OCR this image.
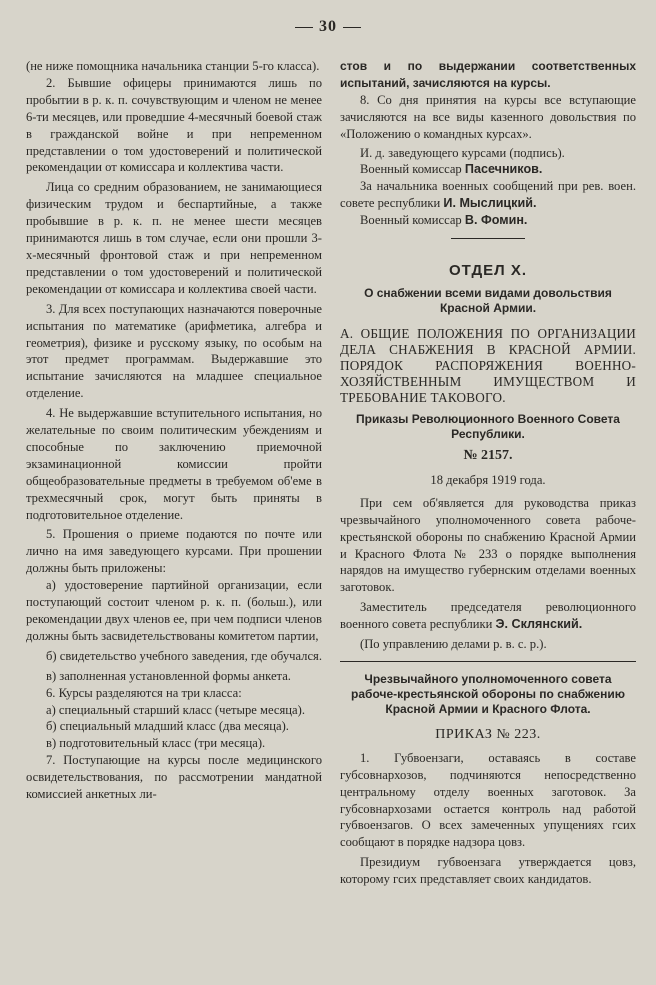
30

(не ниже помощника начальника станции 5-го класса).

2. Бывшие офицеры принимаются лишь по пробытии в р. к. п. сочувствующим и членом не менее 6-ти месяцев, или проведшие 4-месячный боевой стаж в гражданской войне и при непременном представлении о том удостоверений и политической рекомендации от комиссара и коллектива части.

Лица со средним образованием, не занимающиеся физическим трудом и беспартийные, а также пробывшие в р. к. п. не менее шести месяцев принимаются лишь в том случае, если они прошли 3-х-месячный фронтовой стаж и при непременном представлении о том удостоверений и политической рекомендации от комиссара и коллектива своей части.

3. Для всех поступающих назначаются поверочные испытания по математике (арифметика, алгебра и геометрия), физике и русскому языку, по особым на этот предмет программам. Выдержавшие это испытание зачисляются на младшее специальное отделение.

4. Не выдержавшие вступительного испытания, но желательные по своим политическим убеждениям и способные по заключению приемочной экзаминационной комиссии пройти общеобразовательные предметы в требуемом об'еме в трехмесячный срок, могут быть приняты в подготовительное отделение.

5. Прошения о приеме подаются по почте или лично на имя заведующего курсами. При прошении должны быть приложены:

а) удостоверение партийной организации, если поступающий состоит членом р. к. п. (больш.), или рекомендации двух членов ее, при чем подписи членов должны быть засвидетельствованы комитетом партии,

б) свидетельство учебного заведения, где обучался.

в) заполненная установленной формы анкета.

6. Курсы разделяются на три класса:

а) специальный старший класс (четыре месяца).

б) специальный младший класс (два месяца).

в) подготовительный класс (три месяца).

7. Поступающие на курсы после медицинского освидетельствования, по рассмотрении мандатной комиссией анкетных ли-

стов и по выдержании соответственных испытаний, зачисляются на курсы.

8. Со дня принятия на курсы все вступающие зачисляются на все виды казенного довольствия по «Положению о командных курсах».

И. д. заведующего курсами (подпись).

Военный комиссар Пасечников.

За начальника военных сообщений при рев. воен. совете республики И. Мыслицкий.

Военный комиссар В. Фомин.

ОТДЕЛ X.
О снабжении всеми видами довольствия Красной Армии.
А. ОБЩИЕ ПОЛОЖЕНИЯ ПО ОРГАНИЗАЦИИ ДЕЛА СНАБЖЕНИЯ В КРАСНОЙ АРМИИ. ПОРЯДОК РАСПОРЯЖЕНИЯ ВОЕННО-ХОЗЯЙСТВЕННЫМ ИМУЩЕСТВОМ И ТРЕБОВАНИЕ ТАКОВОГО.
Приказы Революционного Военного Совета Республики.
№ 2157.
18 декабря 1919 года.

При сем об'является для руководства приказ чрезвычайного уполномоченного совета рабоче-крестьянской обороны по снабжению Красной Армии и Красного Флота № 233 о порядке выполнения нарядов на имущество губернским отделами военных заготовок.

Заместитель председателя революционного военного совета республики Э. Склянский.

(По управлению делами р. в. с. р.).

Чрезвычайного уполномоченного совета рабоче-крестьянской обороны по снабжению Красной Армии и Красного Флота.
ПРИКАЗ № 223.

1. Губвоензаги, оставаясь в составе губсовнархозов, подчиняются непосредственно центральному отделу военных заготовок. За губсовнархозами остается контроль над работой губвоензагов. О всех замеченных упущениях гсих сообщают в порядке надзора цовз.

Президиум губвоензага утверждается цовз, которому гсих представляет своих кандидатов.
